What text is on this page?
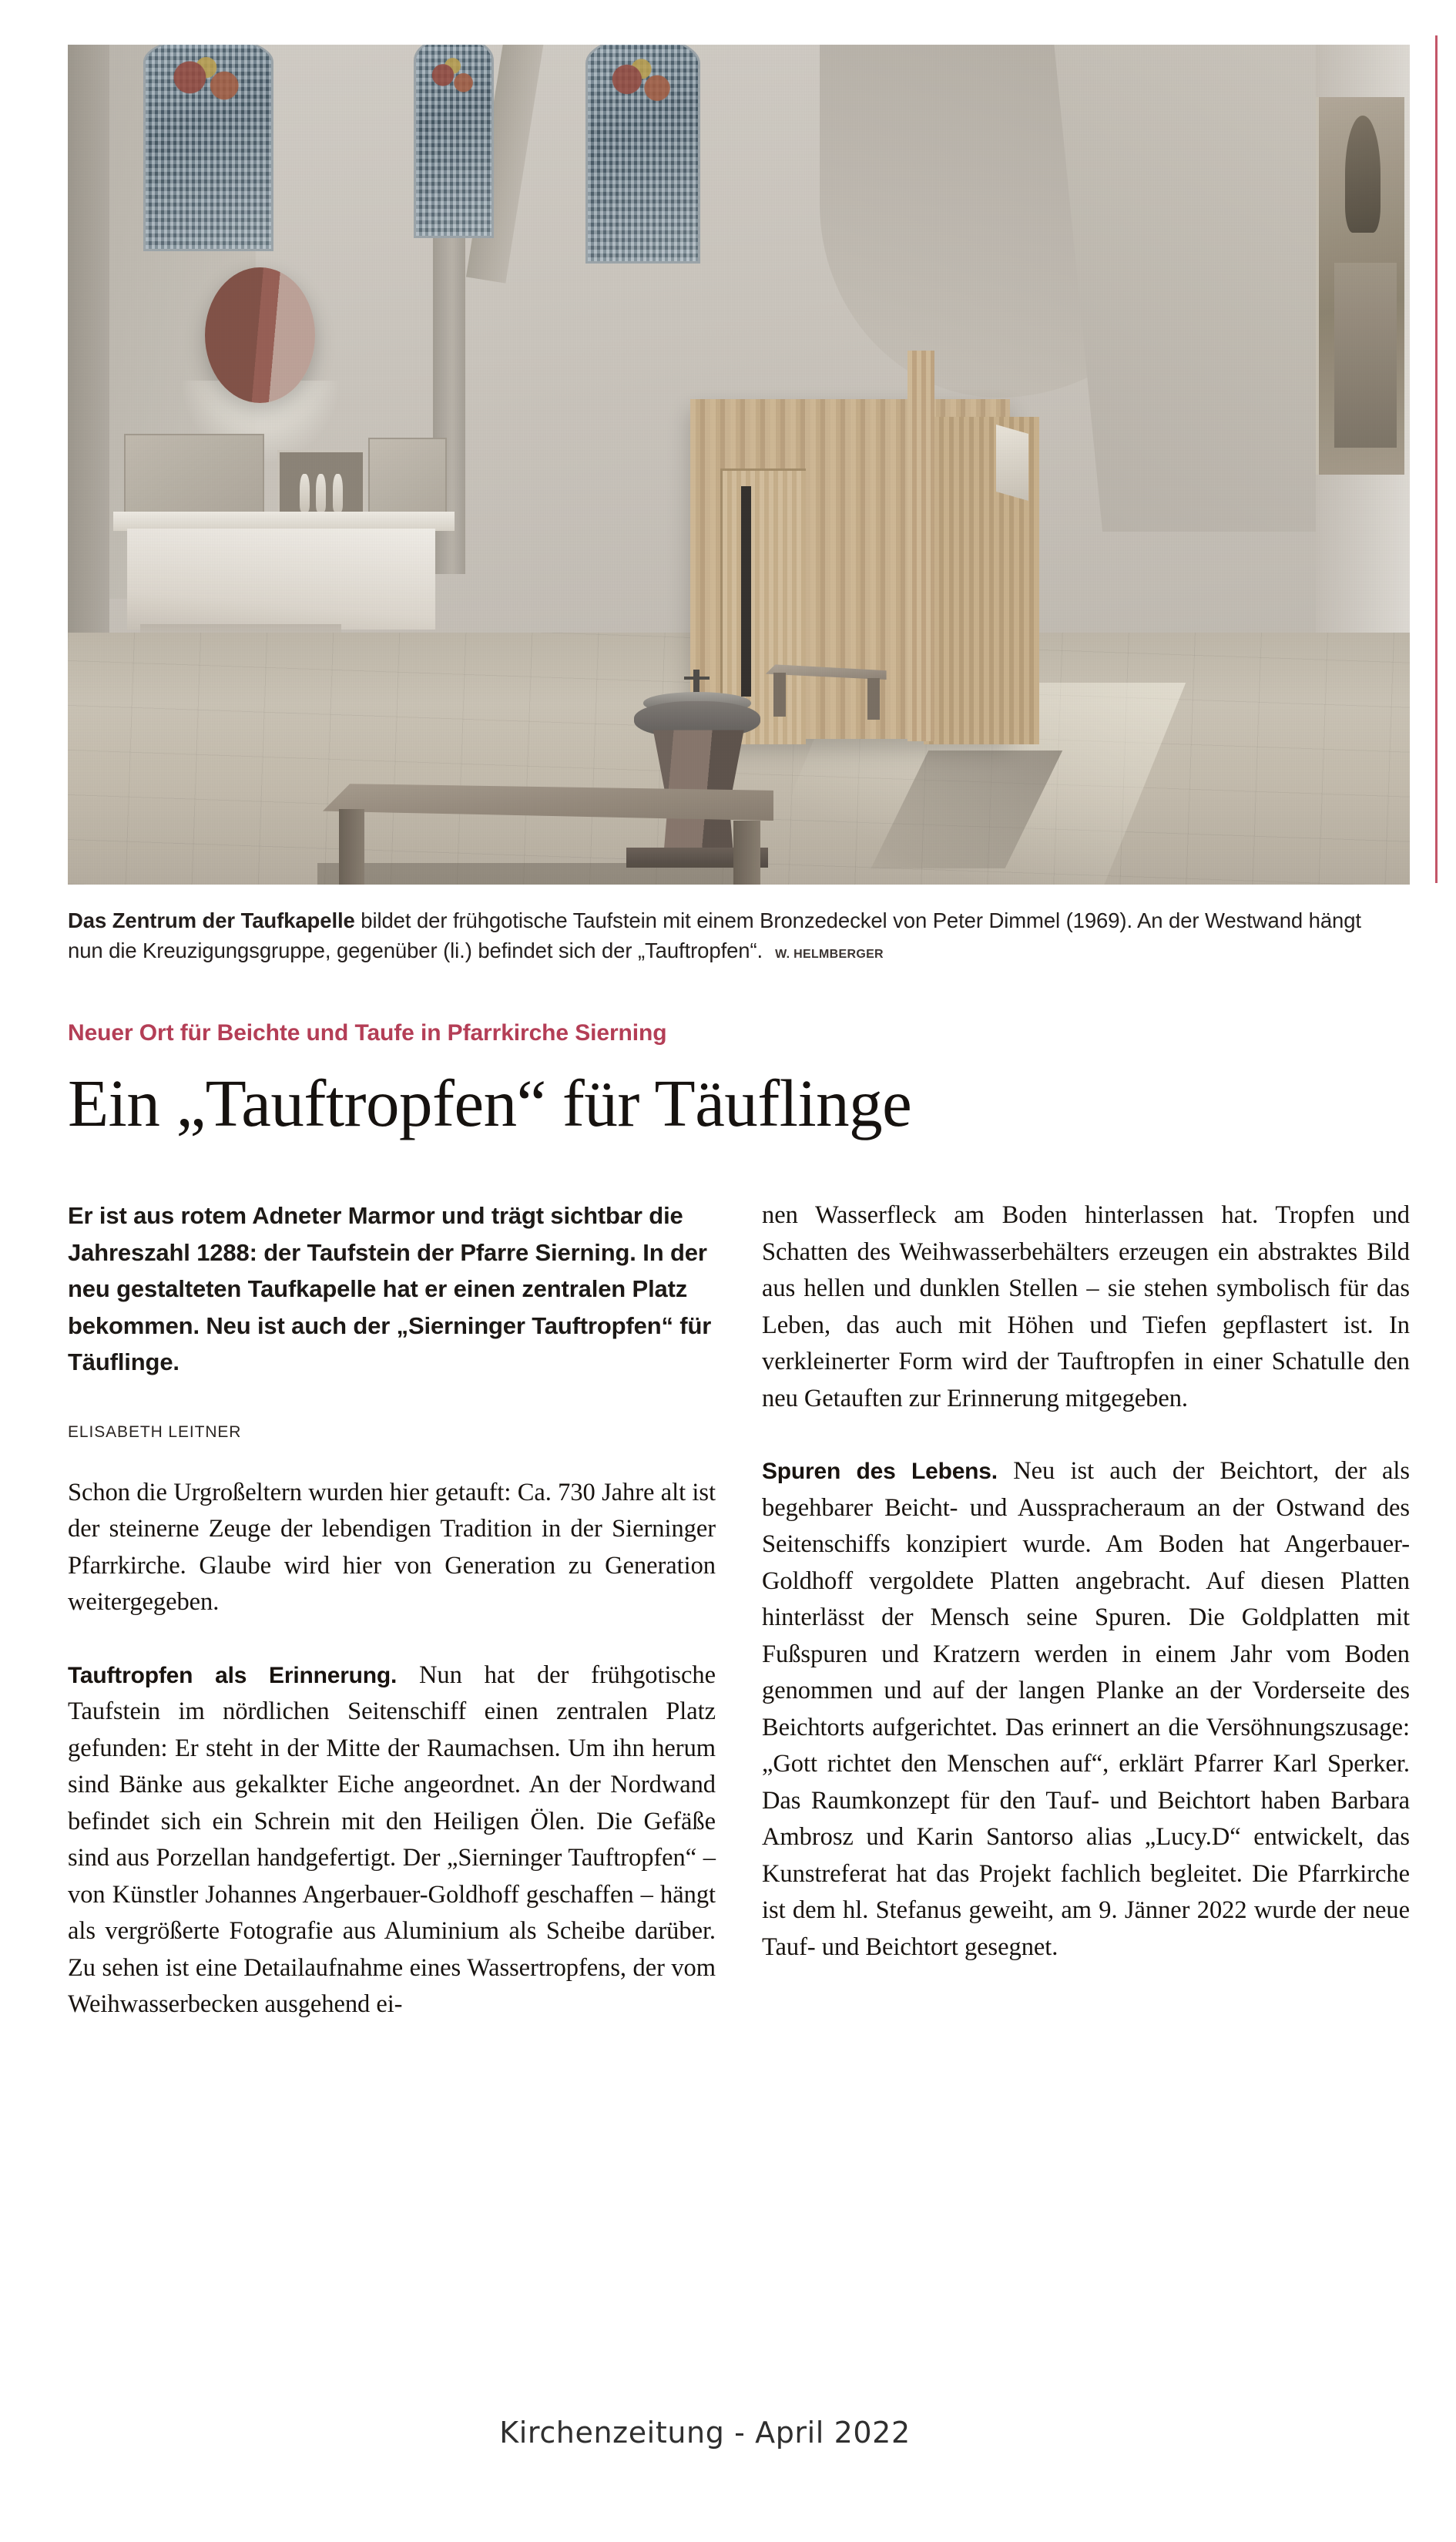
Das Zentrum der Taufkapelle bildet der frühgotische Taufstein mit einem Bronzedeckel von Peter Dimmel (1969). An der Westwand hängt nun die Kreuzigungsgruppe, gegenüber (li.) befindet sich der „Tauftropfen“. W. HELMBERGER
Neuer Ort für Beichte und Taufe in Pfarrkirche Sierning
Ein „Tauftropfen“ für Täuflinge

Er ist aus rotem Adneter Marmor und trägt sichtbar die Jahreszahl 1288: der Taufstein der Pfarre Sierning. In der neu gestalteten Taufkapelle hat er einen zentralen Platz bekommen. Neu ist auch der „Sierninger Tauftropfen“ für Täuflinge.

ELISABETH LEITNER

Schon die Urgroßeltern wurden hier getauft: Ca. 730 Jahre alt ist der steinerne Zeuge der lebendigen Tradition in der Sierninger Pfarrkirche. Glaube wird hier von Generation zu Generation weitergegeben.

Tauftropfen als Erinnerung. Nun hat der frühgotische Taufstein im nördlichen Seitenschiff einen zentralen Platz gefunden: Er steht in der Mitte der Raumachsen. Um ihn herum sind Bänke aus gekalkter Eiche angeordnet. An der Nordwand befindet sich ein Schrein mit den Heiligen Ölen. Die Gefäße sind aus Porzellan handgefertigt. Der „Sierninger Tauftropfen“ – von Künstler Johannes Angerbauer-Goldhoff geschaffen – hängt als vergrößerte Fotografie aus Aluminium als Scheibe darüber. Zu sehen ist eine Detailaufnahme eines Wassertropfens, der vom Weihwasserbecken ausgehend ei-

nen Wasserfleck am Boden hinterlassen hat. Tropfen und Schatten des Weihwasserbehälters erzeugen ein abstraktes Bild aus hellen und dunklen Stellen – sie stehen symbolisch für das Leben, das auch mit Höhen und Tiefen gepflastert ist. In verkleinerter Form wird der Tauftropfen in einer Schatulle den neu Getauften zur Erinnerung mitgegeben.

Spuren des Lebens. Neu ist auch der Beichtort, der als begehbarer Beicht- und Ausspracheraum an der Ostwand des Seitenschiffs konzipiert wurde. Am Boden hat Angerbauer-Goldhoff vergoldete Platten angebracht. Auf diesen Platten hinterlässt der Mensch seine Spuren. Die Goldplatten mit Fußspuren und Kratzern werden in einem Jahr vom Boden genommen und auf der langen Planke an der Vorderseite des Beichtorts aufgerichtet. Das erinnert an die Versöhnungszusage: „Gott richtet den Menschen auf“, erklärt Pfarrer Karl Sperker. Das Raumkonzept für den Tauf- und Beichtort haben Barbara Ambrosz und Karin Santorso alias „Lucy.D“ entwickelt, das Kunstreferat hat das Projekt fachlich begleitet. Die Pfarrkirche ist dem hl. Stefanus geweiht, am 9. Jänner 2022 wurde der neue Tauf- und Beichtort gesegnet.

Kirchenzeitung - April 2022
